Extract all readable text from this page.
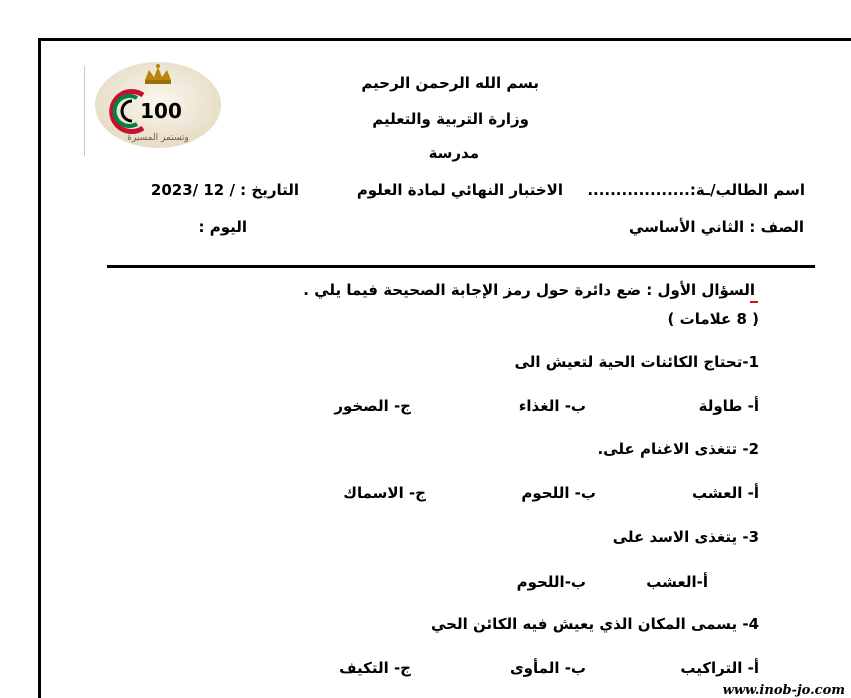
100
وتستمر المسيرة
بسم الله الرحمن الرحيم
وزارة التربية والتعليم
مدرسة
اسم الطالب/ـة:..................
الاختبار النهائي لمادة العلوم
التاريخ : / 12 /2023
الصف : الثاني الأساسي
اليوم :
السؤال الأول : ضع دائرة حول رمز الإجابة الصحيحة فيما يلي .
( 8 علامات )
1-تحتاج الكائنات الحية لتعيش الى
أ- طاولة
ب- الغذاء
ج- الصخور
2- تتغذى الاغنام على.
أ- العشب
ب- اللحوم
ج- الاسماك
3- يتغذى الاسد على
أ-العشب
ب-اللحوم
4- يسمى المكان الذي يعيش فيه الكائن الحي
أ- التراكيب
ب- المأوى
ج- التكيف
www.inob-jo.com
